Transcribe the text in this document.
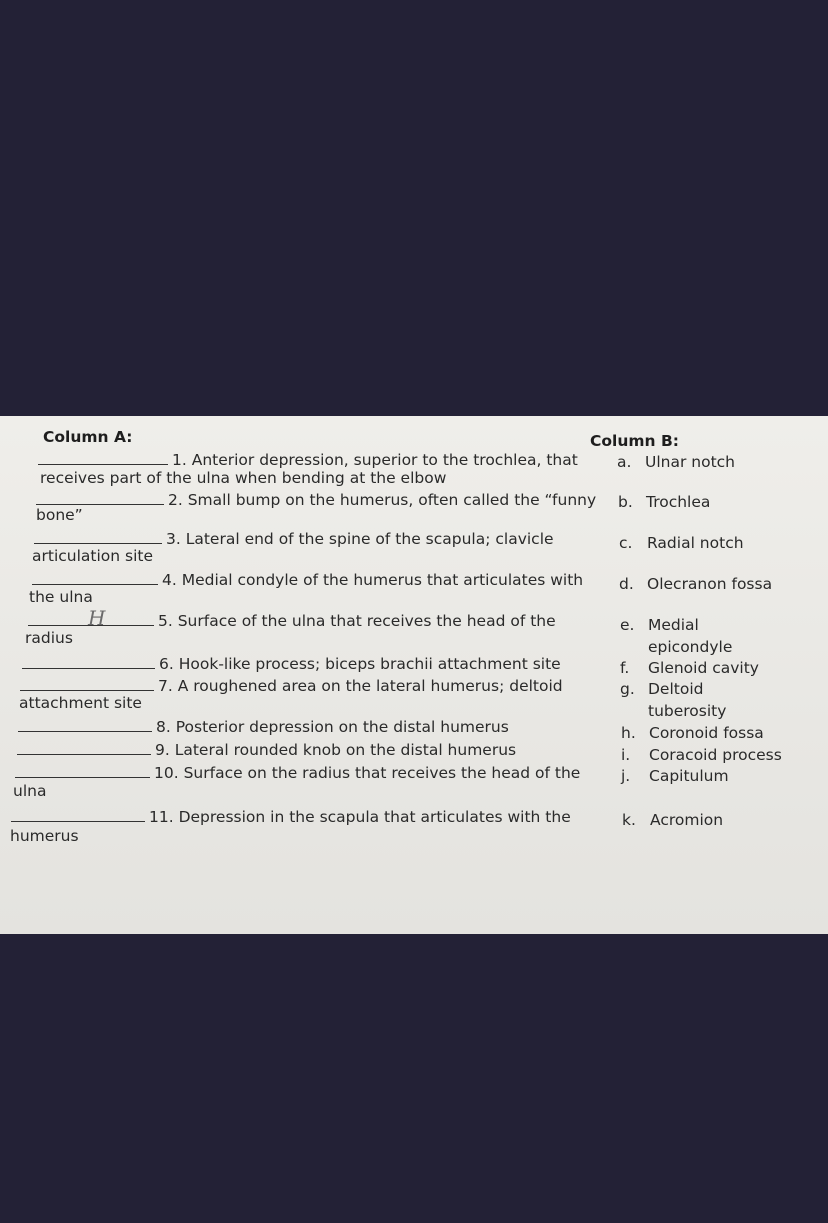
Column A:	Column B:
1. Anterior depression, superior to the trochlea, that
receives part of the ulna when bending at the elbow
2. Small bump on the humerus, often called the “funny
bone”
3. Lateral end of the spine of the scapula; clavicle
articulation site
4. Medial condyle of the humerus that articulates with
the ulna
5. Surface of the ulna that receives the head of the
H
radius
6. Hook-like process; biceps brachii attachment site
7. A roughened area on the lateral humerus; deltoid
attachment site
8. Posterior depression on the distal humerus
9. Lateral rounded knob on the distal humerus
10. Surface on the radius that receives the head of the
ulna
11. Depression in the scapula that articulates with the
humerus
a. Ulnar notch
b. Trochlea
c. Radial notch
d. Olecranon fossa
e. Medial
epicondyle
f. Glenoid cavity
g. Deltoid
tuberosity
h. Coronoid fossa
i. Coracoid process
j. Capitulum
k. Acromion
